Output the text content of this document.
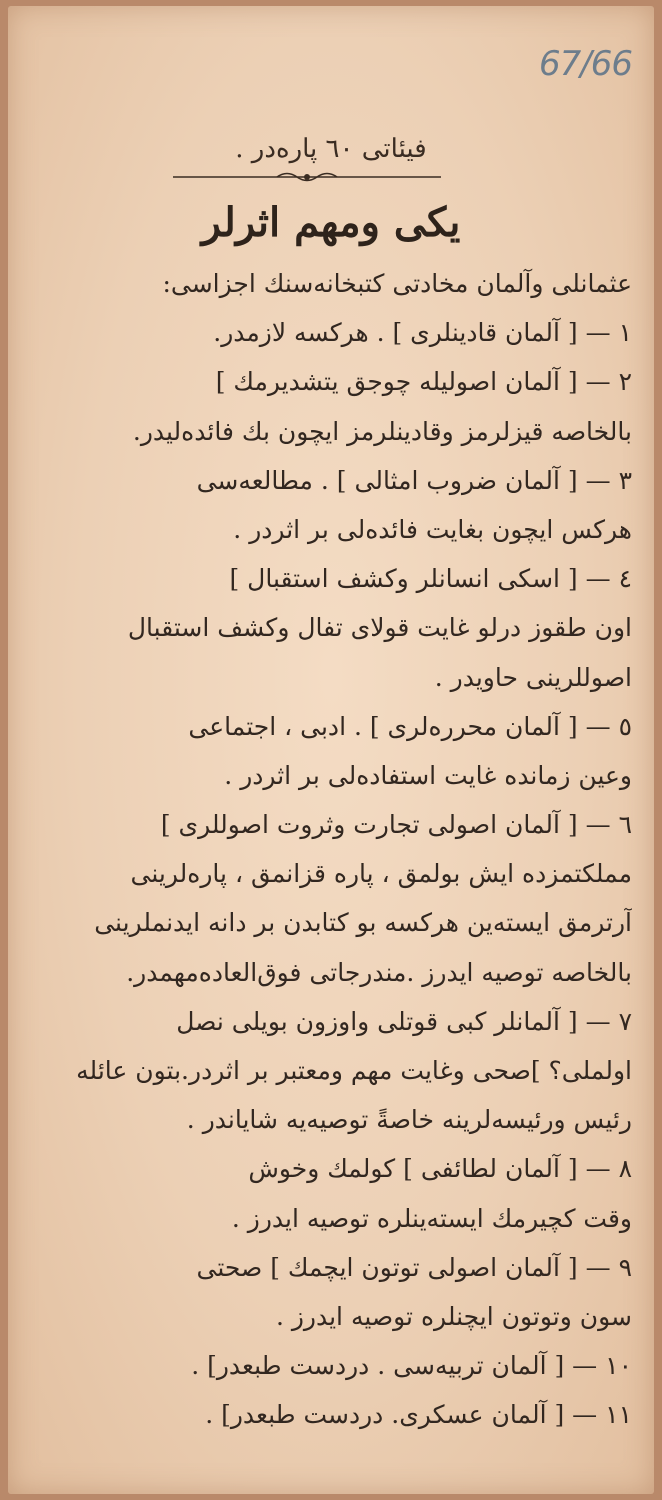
67/66
فیئاتی ٦٠ پاره‌در .
یکی ومهم اثرلر
عثمانلی وآلمان مخادتی کتبخانه‌سنك اجزاسی:
١ — [ آلمان قادینلری ] . هرکسه لازمدر.
٢ — [ آلمان اصولیله چوجق یتشدیرمك ]
بالخاصه قیزلرمز وقادینلرمز ایچون بك فائده‌لیدر.
٣ — [ آلمان ضروب امثالی ] . مطالعه‌سی
هرکس ایچون بغایت فائده‌لی بر اثردر .
٤ — [ اسکی انسانلر وکشف استقبال ]
اون طقوز درلو غایت قولای تفال وکشف استقبال
اصوللرینی حاویدر .
٥ — [ آلمان محرره‌لری ] . ادبی ، اجتماعی
وعین زمانده غایت استفاده‌لی بر اثردر .
٦ — [ آلمان اصولی تجارت وثروت اصوللری ]
مملکتمزده ایش بولمق ، پاره قزانمق ، پاره‌لرینی
آرترمق ایسته‌ین هرکسه بو کتابدن بر دانه ایدنملرینی
بالخاصه توصیه ایدرز .مندرجاتی فوق‌العاده‌مهمدر.
٧ — [ آلمانلر کبی قوتلی واوزون بویلی نصل
اولملی؟ ]صحی وغایت مهم ومعتبر بر اثردر.بتون عائله
رئیس ورئیسه‌لرینه خاصةً توصیه‌یه شایاندر .
٨ — [ آلمان لطائفی ] کولمك وخوش
وقت کچیرمك ایسته‌ینلره توصیه ایدرز .
٩ — [ آلمان اصولی توتون ایچمك ] صحتی
سون وتوتون ایچنلره توصیه ایدرز .
١٠ — [ آلمان تربیه‌سی . دردست طبعدر] .
١١ — [ آلمان عسکری. دردست طبعدر] .
